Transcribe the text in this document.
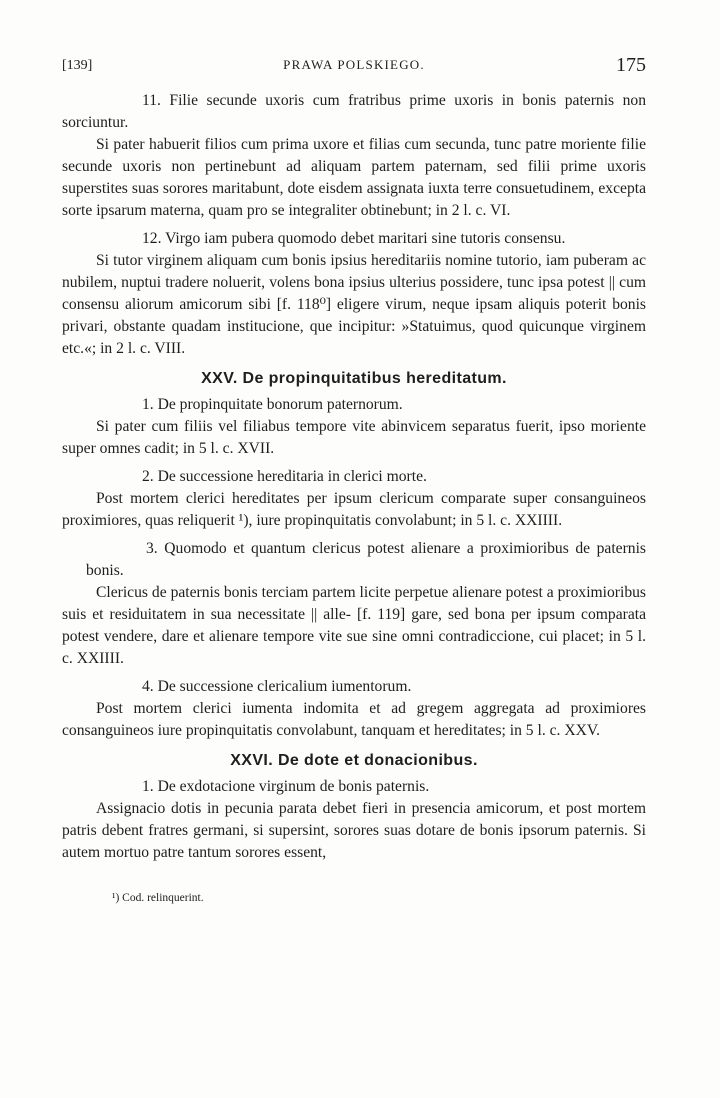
[139]	PRAWA POLSKIEGO.	175

11. Filie secunde uxoris cum fratribus prime uxoris in bonis paternis non sorciuntur.

Si pater habuerit filios cum prima uxore et filias cum secunda, tunc patre moriente filie secunde uxoris non pertinebunt ad aliquam partem paternam, sed filii prime uxoris superstites suas sorores maritabunt, dote eisdem assignata iuxta terre consuetudinem, excepta sorte ipsarum materna, quam pro se integraliter obtinebunt; in 2 l. c. VI.

12. Virgo iam pubera quomodo debet maritari sine tutoris consensu.

Si tutor virginem aliquam cum bonis ipsius hereditariis nomine tutorio, iam puberam ac nubilem, nuptui tradere noluerit, volens bona ipsius ulterius possidere, tunc ipsa potest || cum consensu aliorum amicorum sibi [f. 118⁰] eligere virum, neque ipsam aliquis poterit bonis privari, obstante quadam institucione, que incipitur: »Statuimus, quod quicunque virginem etc.«; in 2 l. c. VIII.

XXV. De propinquitatibus hereditatum.

1. De propinquitate bonorum paternorum.

Si pater cum filiis vel filiabus tempore vite abinvicem separatus fuerit, ipso moriente super omnes cadit; in 5 l. c. XVII.

2. De successione hereditaria in clerici morte.

Post mortem clerici hereditates per ipsum clericum comparate super consanguineos proximiores, quas reliquerit ¹), iure propinquitatis convolabunt; in 5 l. c. XXIIII.

3. Quomodo et quantum clericus potest alienare a proximioribus de paternis bonis.

Clericus de paternis bonis terciam partem licite perpetue alienare potest a proximioribus suis et residuitatem in sua necessitate || alle- [f. 119] gare, sed bona per ipsum comparata potest vendere, dare et alienare tempore vite sue sine omni contradiccione, cui placet; in 5 l. c. XXIIII.

4. De successione clericalium iumentorum.

Post mortem clerici iumenta indomita et ad gregem aggregata ad proximiores consanguineos iure propinquitatis convolabunt, tanquam et hereditates; in 5 l. c. XXV.

XXVI. De dote et donacionibus.

1. De exdotacione virginum de bonis paternis.

Assignacio dotis in pecunia parata debet fieri in presencia amicorum, et post mortem patris debent fratres germani, si supersint, sorores suas dotare de bonis ipsorum paternis. Si autem mortuo patre tantum sorores essent,

¹) Cod. relinquerint.
